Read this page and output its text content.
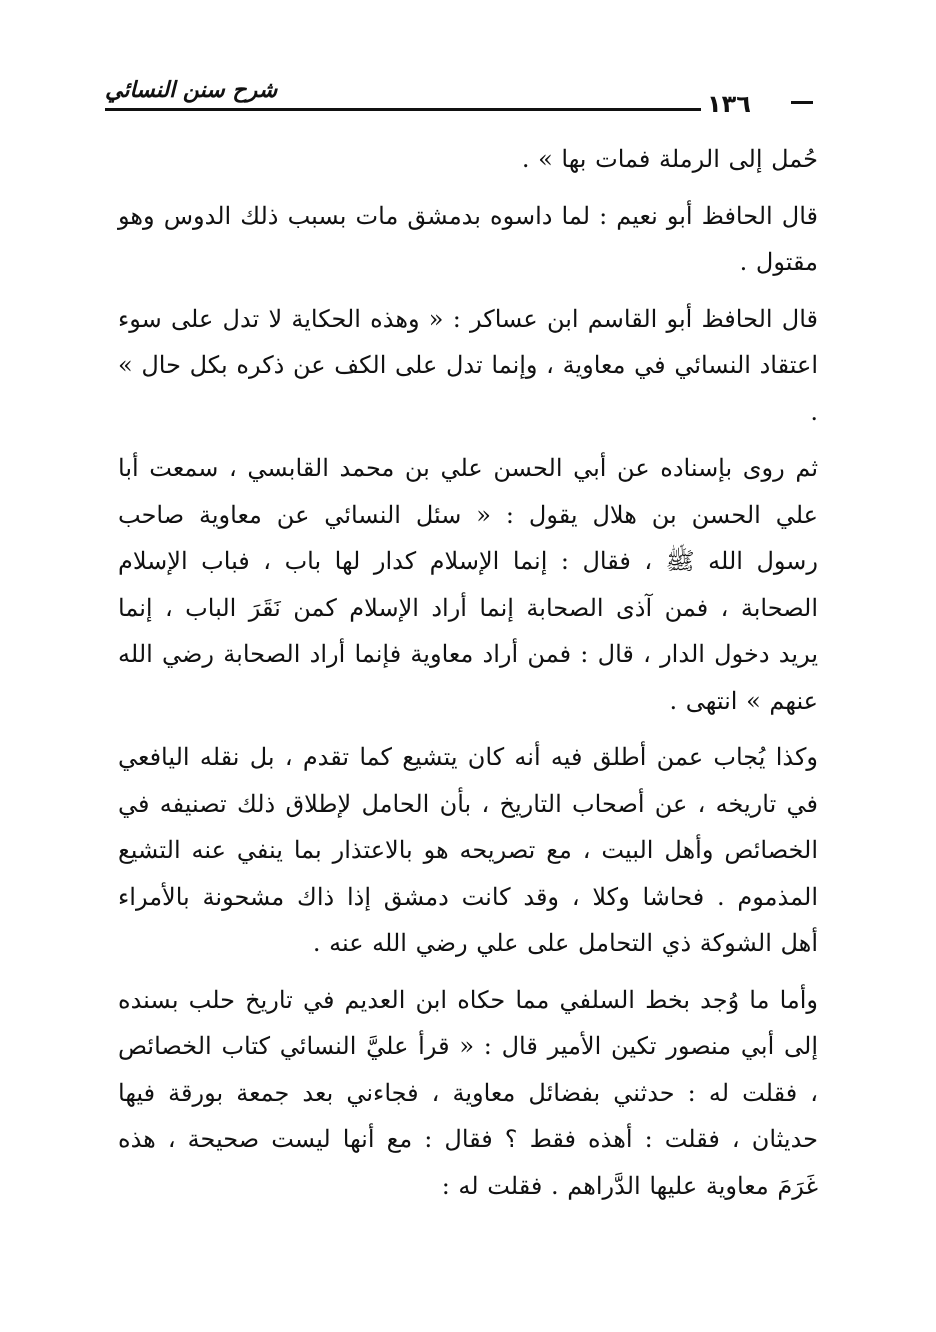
شرح سنن النسائي	١٣٦

حُمل إلى الرملة فمات بها » .

قال الحافظ أبو نعيم : لما داسوه بدمشق مات بسبب ذلك الدوس وهو مقتول .

قال الحافظ أبو القاسم ابن عساكر : « وهذه الحكاية لا تدل على سوء اعتقاد النسائي في معاوية ، وإنما تدل على الكف عن ذكره بكل حال » .

ثم روى بإسناده عن أبي الحسن علي بن محمد القابسي ، سمعت أبا علي الحسن بن هلال يقول : « سئل النسائي عن معاوية صاحب رسول الله ﷺ ، فقال : إنما الإسلام كدار لها باب ، فباب الإسلام الصحابة ، فمن آذى الصحابة إنما أراد الإسلام كمن نَقَرَ الباب ، إنما يريد دخول الدار ، قال : فمن أراد معاوية فإنما أراد الصحابة رضي الله عنهم » انتهى .

وكذا يُجاب عمن أطلق فيه أنه كان يتشيع كما تقدم ، بل نقله اليافعي في تاريخه ، عن أصحاب التاريخ ، بأن الحامل لإطلاق ذلك تصنيفه في الخصائص وأهل البيت ، مع تصريحه هو بالاعتذار بما ينفي عنه التشيع المذموم . فحاشا وكلا ، وقد كانت دمشق إذا ذاك مشحونة بالأمراء أهل الشوكة ذي التحامل على علي رضي الله عنه .

وأما ما وُجد بخط السلفي مما حكاه ابن العديم في تاريخ حلب بسنده إلى أبي منصور تكين الأمير قال : « قرأ عليَّ النسائي كتاب الخصائص ، فقلت له : حدثني بفضائل معاوية ، فجاءني بعد جمعة بورقة فيها حديثان ، فقلت : أهذه فقط ؟ فقال : مع أنها ليست صحيحة ، هذه غَرَمَ معاوية عليها الدَّراهم . فقلت له :
